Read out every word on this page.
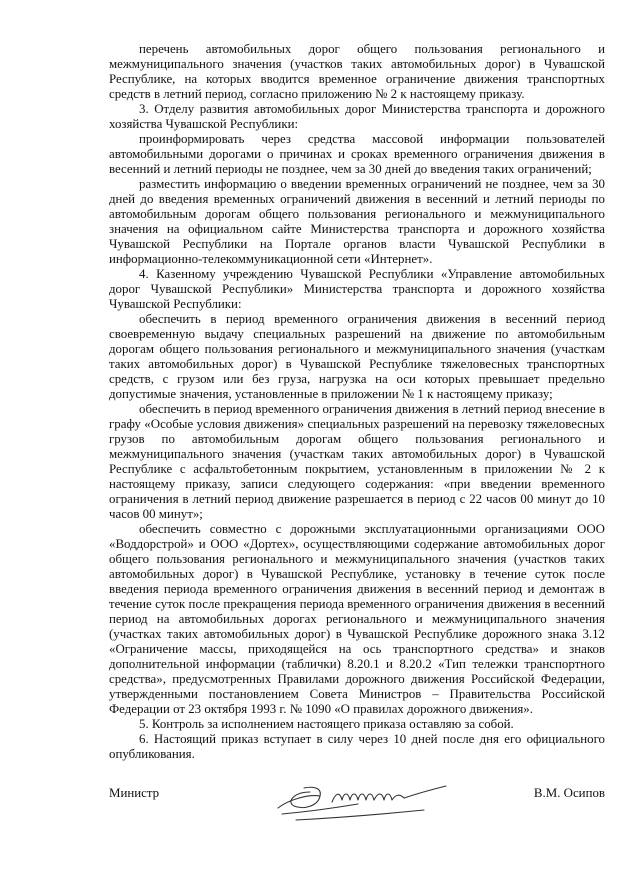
перечень автомобильных дорог общего пользования регионального и межмуниципального значения (участков таких автомобильных дорог) в Чувашской Республике, на которых вводится временное ограничение движения транспортных средств в летний период, согласно приложению № 2 к настоящему приказу.

3. Отделу развития автомобильных дорог Министерства транспорта и дорожного хозяйства Чувашской Республики:

проинформировать через средства массовой информации пользователей автомобильными дорогами о причинах и сроках временного ограничения движения в весенний и летний периоды не позднее, чем за 30 дней до введения таких ограничений;

разместить информацию о введении временных ограничений не позднее, чем за 30 дней до введения временных ограничений движения в весенний и летний периоды по автомобильным дорогам общего пользования регионального и межмуниципального значения на официальном сайте Министерства транспорта и дорожного хозяйства Чувашской Республики на Портале органов власти Чувашской Республики в информационно-телекоммуникационной сети «Интернет».

4. Казенному учреждению Чувашской Республики «Управление автомобильных дорог Чувашской Республики» Министерства транспорта и дорожного хозяйства Чувашской Республики:

обеспечить в период временного ограничения движения в весенний период своевременную выдачу специальных разрешений на движение по автомобильным дорогам общего пользования регионального и межмуниципального значения (участкам таких автомобильных дорог) в Чувашской Республике тяжеловесных транспортных средств, с грузом или без груза, нагрузка на оси которых превышает предельно допустимые значения, установленные в приложении № 1 к настоящему приказу;

обеспечить в период временного ограничения движения в летний период внесение в графу «Особые условия движения» специальных разрешений на перевозку тяжеловесных грузов по автомобильным дорогам общего пользования регионального и межмуниципального значения (участкам таких автомобильных дорог) в Чувашской Республике с асфальтобетонным покрытием, установленным в приложении № 2 к настоящему приказу, записи следующего содержания: «при введении временного ограничения в летний период движение разрешается в период с 22 часов 00 минут до 10 часов 00 минут»;

обеспечить совместно с дорожными эксплуатационными организациями ООО «Воддорстрой» и ООО «Дортех», осуществляющими содержание автомобильных дорог общего пользования регионального и межмуниципального значения (участков таких автомобильных дорог) в Чувашской Республике, установку в течение суток после введения периода временного ограничения движения в весенний период и демонтаж в течение суток после прекращения периода временного ограничения движения в весенний период на автомобильных дорогах регионального и межмуниципального значения (участках таких автомобильных дорог) в Чувашской Республике дорожного знака 3.12 «Ограничение массы, приходящейся на ось транспортного средства» и знаков дополнительной информации (таблички) 8.20.1 и 8.20.2 «Тип тележки транспортного средства», предусмотренных Правилами дорожного движения Российской Федерации, утвержденными постановлением Совета Министров – Правительства Российской Федерации от 23 октября 1993 г. № 1090 «О правилах дорожного движения».

5. Контроль за исполнением настоящего приказа оставляю за собой.

6. Настоящий приказ вступает в силу через 10 дней после дня его официального опубликования.

Министр	В.М. Осипов
